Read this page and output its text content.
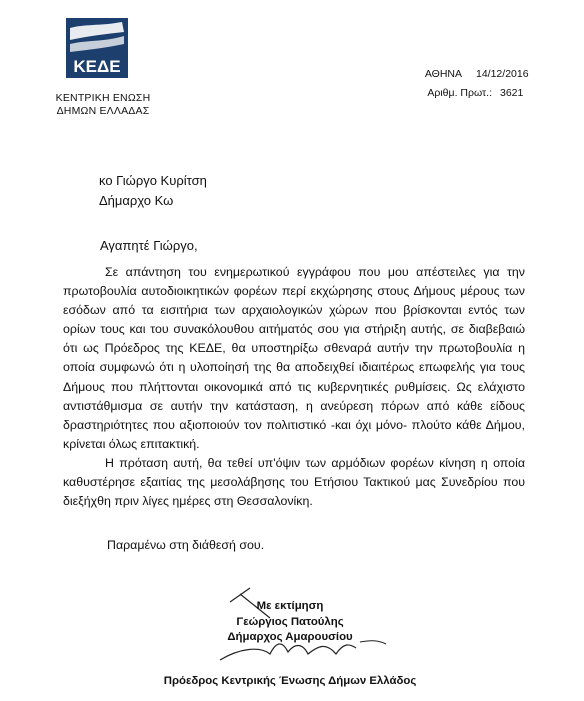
ΚΕΔΕ
ΚΕΝΤΡΙΚΗ ΕΝΩΣΗ
ΔΗΜΩΝ ΕΛΛΑΔΑΣ
ΑΘΗΝΑ 14/12/2016
Αριθμ. Πρωτ.: 3621
κο Γιώργο Κυρίτση
Δήμαρχο Κω
Αγαπητέ Γιώργο,

Σε απάντηση του ενημερωτικού εγγράφου που μου απέστειλες για την πρωτοβουλία αυτοδιοικητικών φορέων περί εκχώρησης στους Δήμους μέρους των εσόδων από τα εισιτήρια των αρχαιολογικών χώρων που βρίσκονται εντός των ορίων τους και του συνακόλουθου αιτήματός σου για στήριξη αυτής, σε διαβεβαιώ ότι ως Πρόεδρος της ΚΕΔΕ, θα υποστηρίξω σθεναρά αυτήν την πρωτοβουλία η οποία συμφωνώ ότι η υλοποίησή της θα αποδειχθεί ιδιαιτέρως επωφελής για τους Δήμους που πλήττονται οικονομικά από τις κυβερνητικές ρυθμίσεις. Ως ελάχιστο αντιστάθμισμα σε αυτήν την κατάσταση, η ανεύρεση πόρων από κάθε είδους δραστηριότητες που αξιοποιούν τον πολιτιστικό -και όχι μόνο- πλούτο κάθε Δήμου, κρίνεται όλως επιτακτική.

Η πρόταση αυτή, θα τεθεί υπ'όψιν των αρμόδιων φορέων κίνηση η οποία καθυστέρησε εξαιτίας της μεσολάβησης του Ετήσιου Τακτικού μας Συνεδρίου που διεξήχθη πριν λίγες ημέρες στη Θεσσαλονίκη.

Παραμένω στη διάθεσή σου.
Με εκτίμηση
Γεώργιος Πατούλης
Δήμαρχος Αμαρουσίου
Πρόεδρος Κεντρικής Ένωσης Δήμων Ελλάδος
